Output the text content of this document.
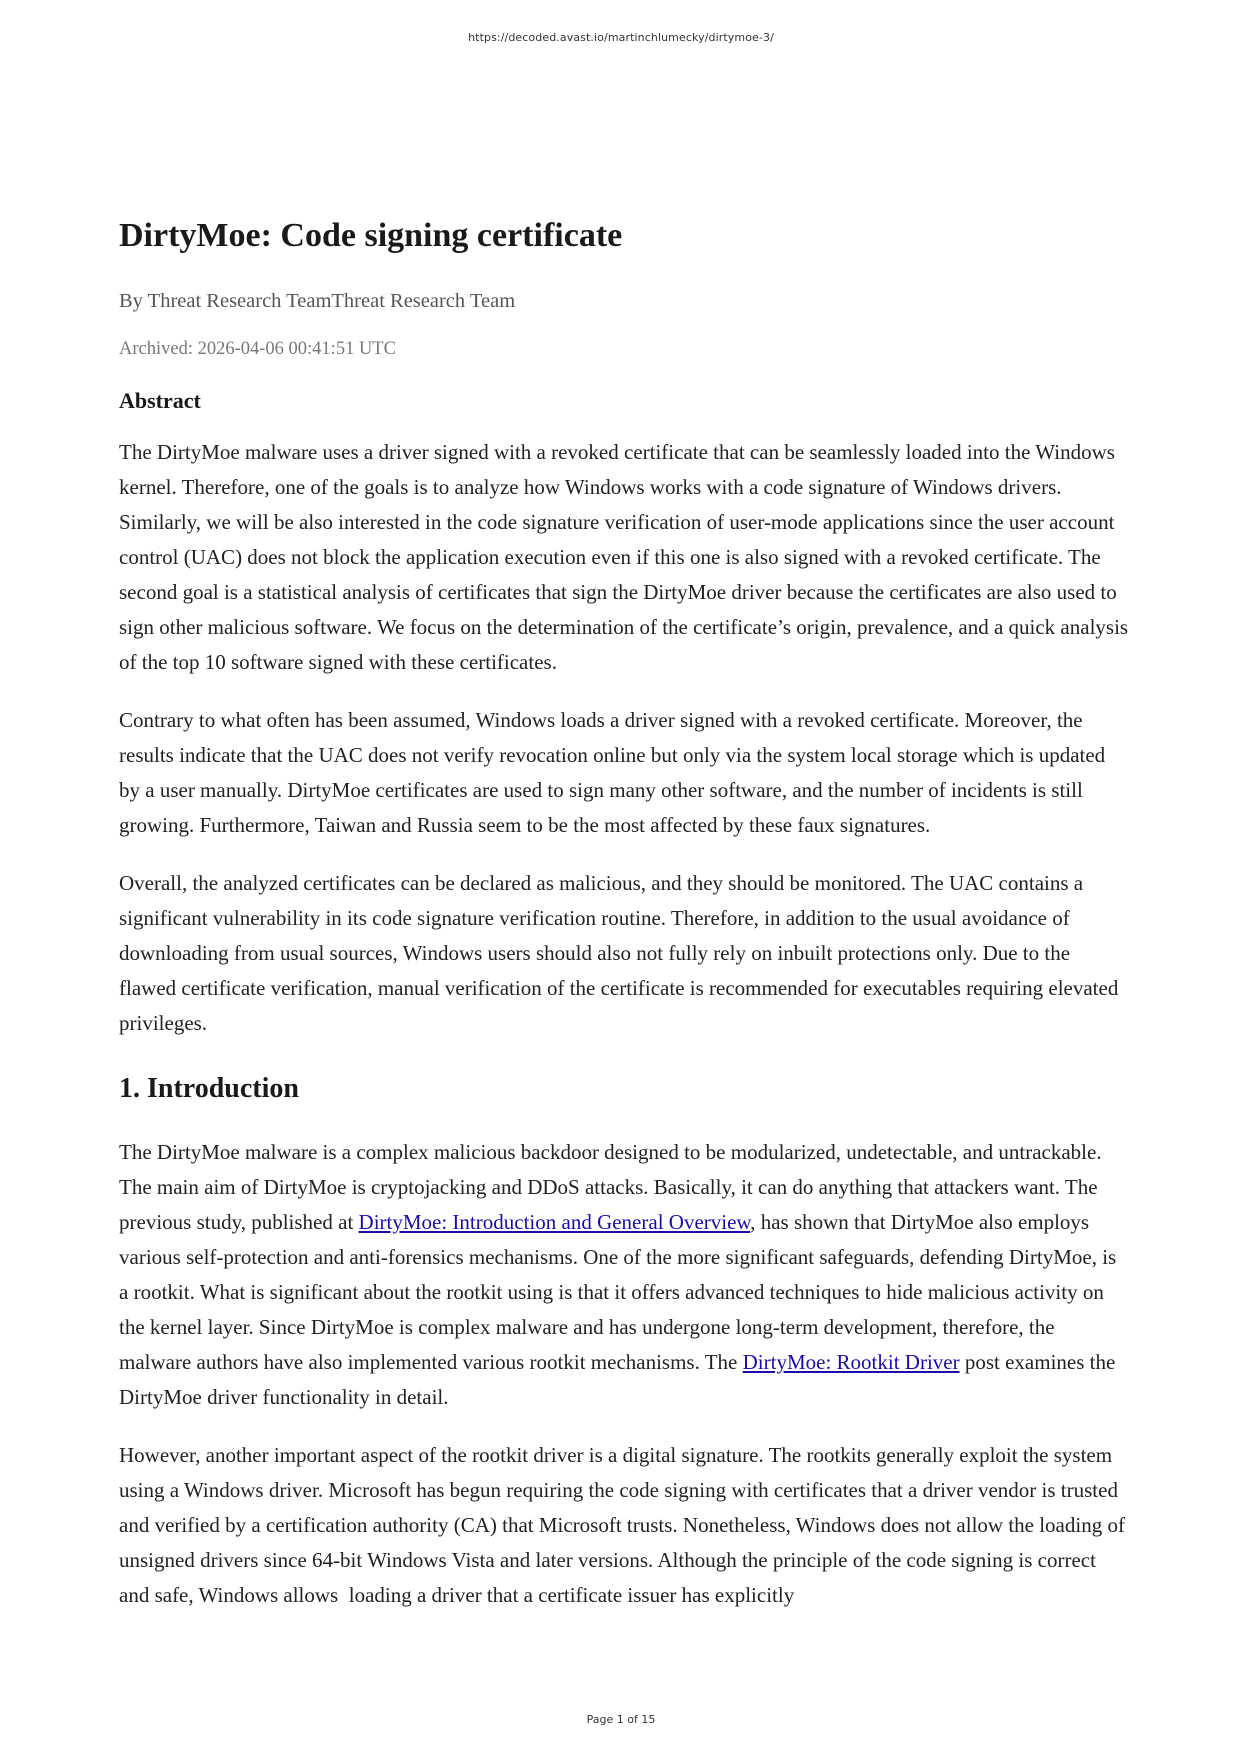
https://decoded.avast.io/martinchlumecky/dirtymoe-3/
DirtyMoe: Code signing certificate
By Threat Research TeamThreat Research Team
Archived: 2026-04-06 00:41:51 UTC
Abstract

The DirtyMoe malware uses a driver signed with a revoked certificate that can be seamlessly loaded into the Windows kernel. Therefore, one of the goals is to analyze how Windows works with a code signature of Windows drivers. Similarly, we will be also interested in the code signature verification of user-mode applications since the user account control (UAC) does not block the application execution even if this one is also signed with a revoked certificate. The second goal is a statistical analysis of certificates that sign the DirtyMoe driver because the certificates are also used to sign other malicious software. We focus on the determination of the certificate’s origin, prevalence, and a quick analysis of the top 10 software signed with these certificates.

Contrary to what often has been assumed, Windows loads a driver signed with a revoked certificate. Moreover, the results indicate that the UAC does not verify revocation online but only via the system local storage which is updated by a user manually. DirtyMoe certificates are used to sign many other software, and the number of incidents is still growing. Furthermore, Taiwan and Russia seem to be the most affected by these faux signatures.

Overall, the analyzed certificates can be declared as malicious, and they should be monitored. The UAC contains a significant vulnerability in its code signature verification routine. Therefore, in addition to the usual avoidance of downloading from usual sources, Windows users should also not fully rely on inbuilt protections only. Due to the flawed certificate verification, manual verification of the certificate is recommended for executables requiring elevated privileges.

1. Introduction

The DirtyMoe malware is a complex malicious backdoor designed to be modularized, undetectable, and untrackable. The main aim of DirtyMoe is cryptojacking and DDoS attacks. Basically, it can do anything that attackers want. The previous study, published at DirtyMoe: Introduction and General Overview, has shown that DirtyMoe also employs various self-protection and anti-forensics mechanisms. One of the more significant safeguards, defending DirtyMoe, is a rootkit. What is significant about the rootkit using is that it offers advanced techniques to hide malicious activity on the kernel layer. Since DirtyMoe is complex malware and has undergone long-term development, therefore, the malware authors have also implemented various rootkit mechanisms. The DirtyMoe: Rootkit Driver post examines the DirtyMoe driver functionality in detail.

However, another important aspect of the rootkit driver is a digital signature. The rootkits generally exploit the system using a Windows driver. Microsoft has begun requiring the code signing with certificates that a driver vendor is trusted and verified by a certification authority (CA) that Microsoft trusts. Nonetheless, Windows does not allow the loading of unsigned drivers since 64-bit Windows Vista and later versions. Although the principle of the code signing is correct and safe, Windows allows  loading a driver that a certificate issuer has explicitly

Page 1 of 15
